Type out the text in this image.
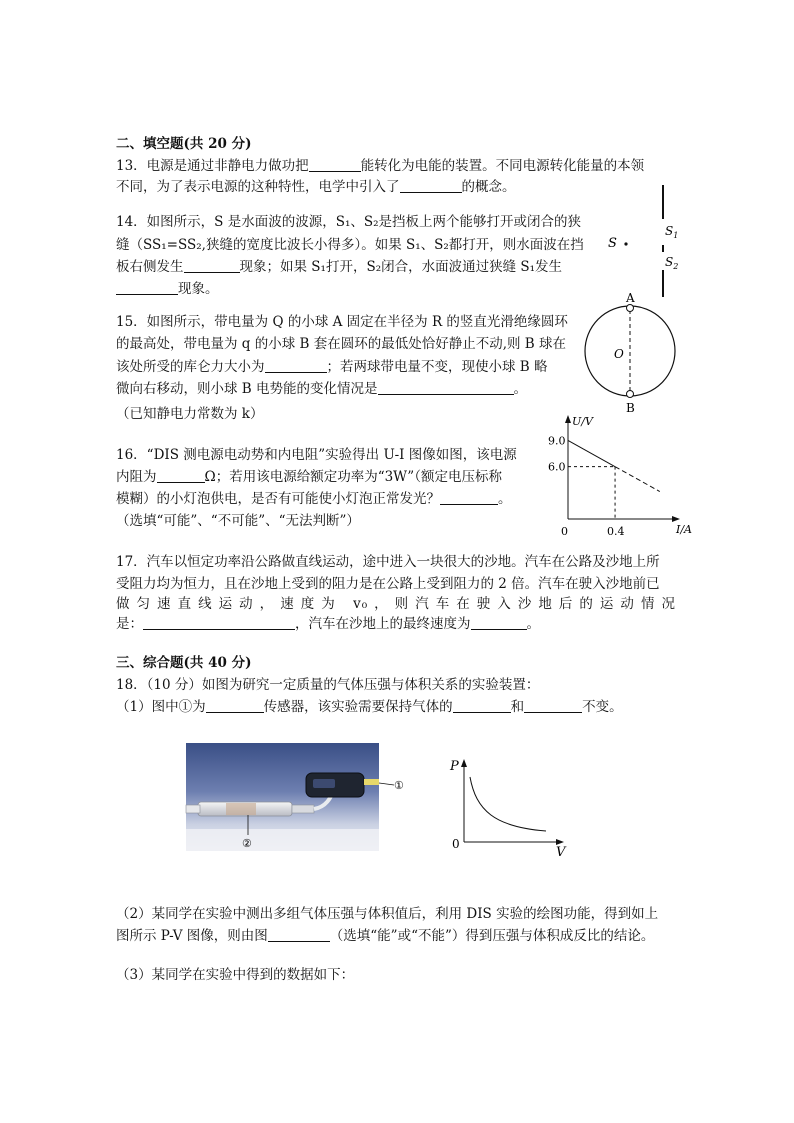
二、填空题(共 20 分)
13．电源是通过非静电力做功把	能转化为电能的装置。不同电源转化能量的本领
不同，为了表示电源的这种特性，电学中引入了	的概念。
14．如图所示，S 是水面波的波源，S₁、S₂是挡板上两个能够打开或闭合的狭
缝（SS₁=SS₂,狭缝的宽度比波长小得多）。如果 S₁、S₂都打开，则水面波在挡
板右侧发生	现象；如果 S₁打开，S₂闭合，水面波通过狭缝 S₁发生
现象。
$S_1$
$S_2$
S
15．如图所示，带电量为 Q 的小球 A 固定在半径为 R 的竖直光滑绝缘圆环
的最高处，带电量为 q 的小球 B 套在圆环的最低处恰好静止不动,则 B 球在
该处所受的库仑力大小为	；若两球带电量不变，现使小球 B 略
微向右移动，则小球 B 电势能的变化情况是	。
（已知静电力常数为 k）
A
O
B
16．“DIS 测电源电动势和内电阻”实验得出 U-I 图像如图，该电源
内阻为	Ω；若用该电源给额定功率为“3W”（额定电压标称
模糊）的小灯泡供电，是否有可能使小灯泡正常发光？	。
（选填“可能”、“不可能”、“无法判断”）
U/V
I/A
9.0
6.0
0	0.4
17．汽车以恒定功率沿公路做直线运动，途中进入一块很大的沙地。汽车在公路及沙地上所
受阻力均为恒力，且在沙地上受到的阻力是在公路上受到阻力的 2 倍。汽车在驶入沙地前已
做匀速直线运动，速度为 v₀，则汽车在驶入沙地后的运动情况
是：	，汽车在沙地上的最终速度为	。
三、综合题(共 40 分)
18．（10 分）如图为研究一定质量的气体压强与体积关系的实验装置：
（1）图中①为	传感器，该实验需要保持气体的	和	不变。
①
②
P
V
0
（2）某同学在实验中测出多组气体压强与体积值后，利用 DIS 实验的绘图功能，得到如上
图所示 P-V 图像，则由图	（选填“能”或“不能”）得到压强与体积成反比的结论。
（3）某同学在实验中得到的数据如下：
